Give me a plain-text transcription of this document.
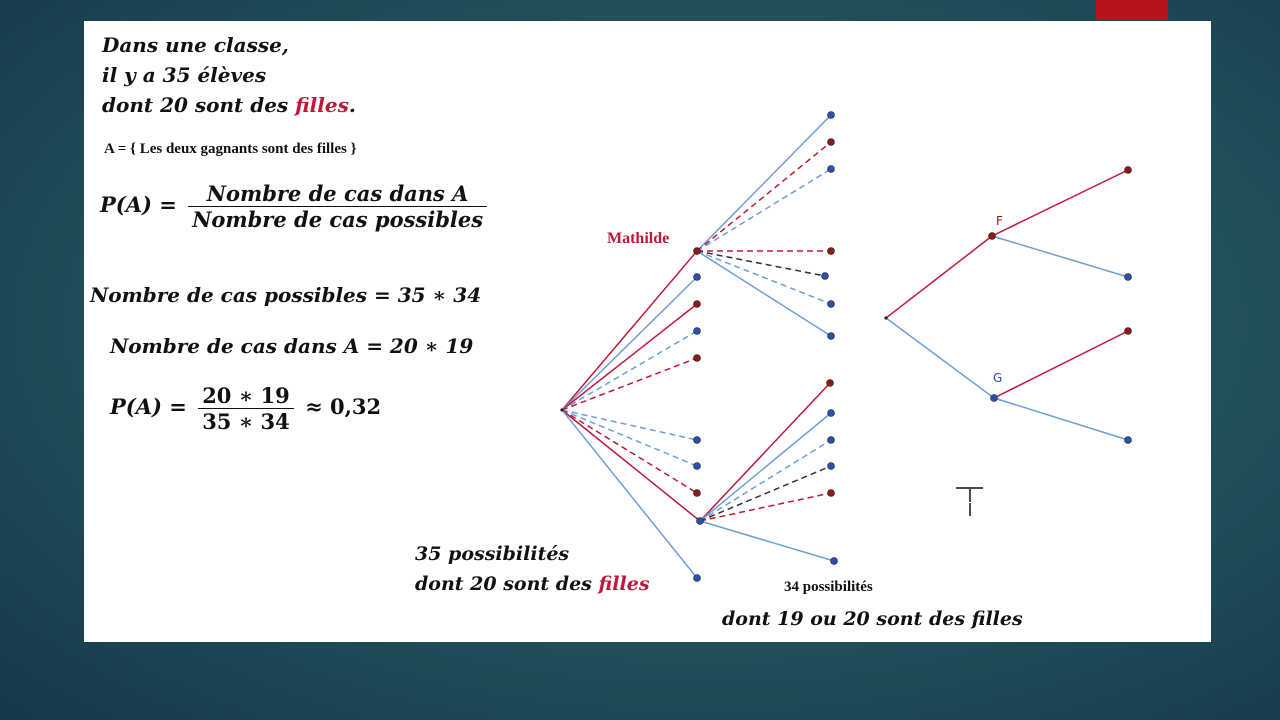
Dans une classe,
il y a 35 élèves
dont 20 sont des filles.
A = { Les deux gagnants sont des filles }
$P(A) = \frac{\text{Nombre de cas dans A}}{\text{Nombre de cas possibles}}$
Nombre de cas possibles = 35 ∗ 34
Nombre de cas dans A = 20 ∗ 19
$P(A) = \frac{20 ∗ 19}{35 ∗ 34} \approx 0,32$
Mathilde
35 possibilités
dont 20 sont des filles	34 possibilités
dont 19 ou 20 sont des filles
F
G
